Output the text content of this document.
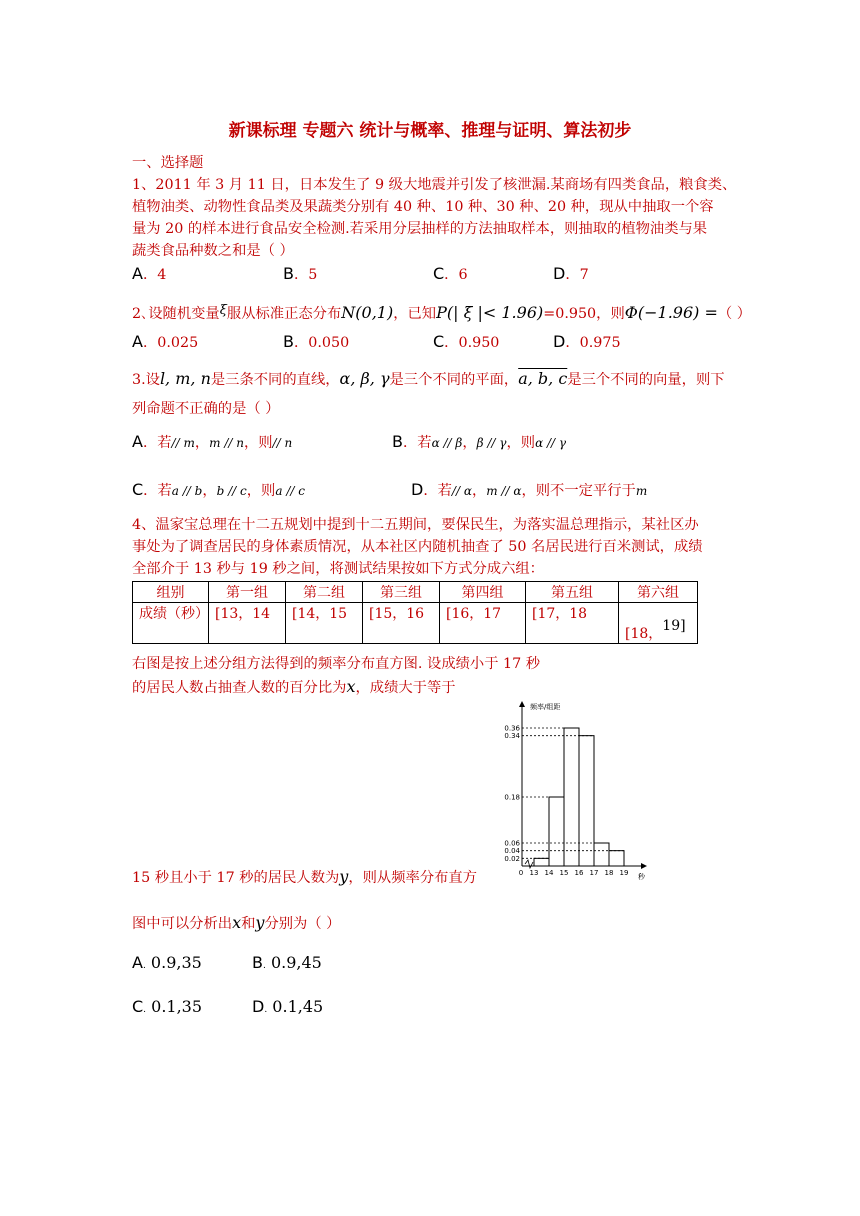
新课标理 专题六 统计与概率、推理与证明、算法初步
一、选择题
1、2011 年 3 月 11 日，日本发生了 9 级大地震并引发了核泄漏.某商场有四类食品，粮食类、
植物油类、动物性食品类及果蔬类分别有 40 种、10 种、30 种、20 种，现从中抽取一个容
量为 20 的样本进行食品安全检测.若采用分层抽样的方法抽取样本，则抽取的植物油类与果
蔬类食品种数之和是（ ）
A．4	B．5	C．6	D．7
2､设随机变量ξ服从标准正态分布N(0,1)，已知P(| ξ |< 1.96)=0.950，则Φ(−1.96) =（ ）
A．0.025	B．0.050	C．0.950	D．0.975
3.设l, m, n是三条不同的直线，α, β, γ是三个不同的平面，a, b, c是三个不同的向量，则下
列命题不正确的是（ ）
A．若// m，m // n，则// n	B．若α // β，β // γ，则α // γ
C．若a // b，b // c，则a // c	D．若// α，m // α，则不一定平行于m
4、温家宝总理在十二五规划中提到十二五期间，要保民生，为落实温总理指示，某社区办
事处为了调查居民的身体素质情况，从本社区内随机抽查了 50 名居民进行百米测试，成绩
全部介于 13 秒与 19 秒之间，将测试结果按如下方式分成六组：
组别	第一组	第二组	第三组	第四组	第五组	第六组
成绩（秒）	[13，14	[14，15	[15，16	[16，17	[17，18	[18，19]
右图是按上述分组方法得到的频率分布直方图. 设成绩小于 17 秒
的居民人数占抽查人数的百分比为x，成绩大于等于
15 秒且小于 17 秒的居民人数为y，则从频率分布直方
图中可以分析出x和y分别为（ ）
A. 0.9,35	B. 0.9,45
C. 0.1,35	D. 0.1,45
频率/组距
秒
0.02
0.04
0.06
0.18
0.34
0.36
0 13 14 15 16 17 18 19
